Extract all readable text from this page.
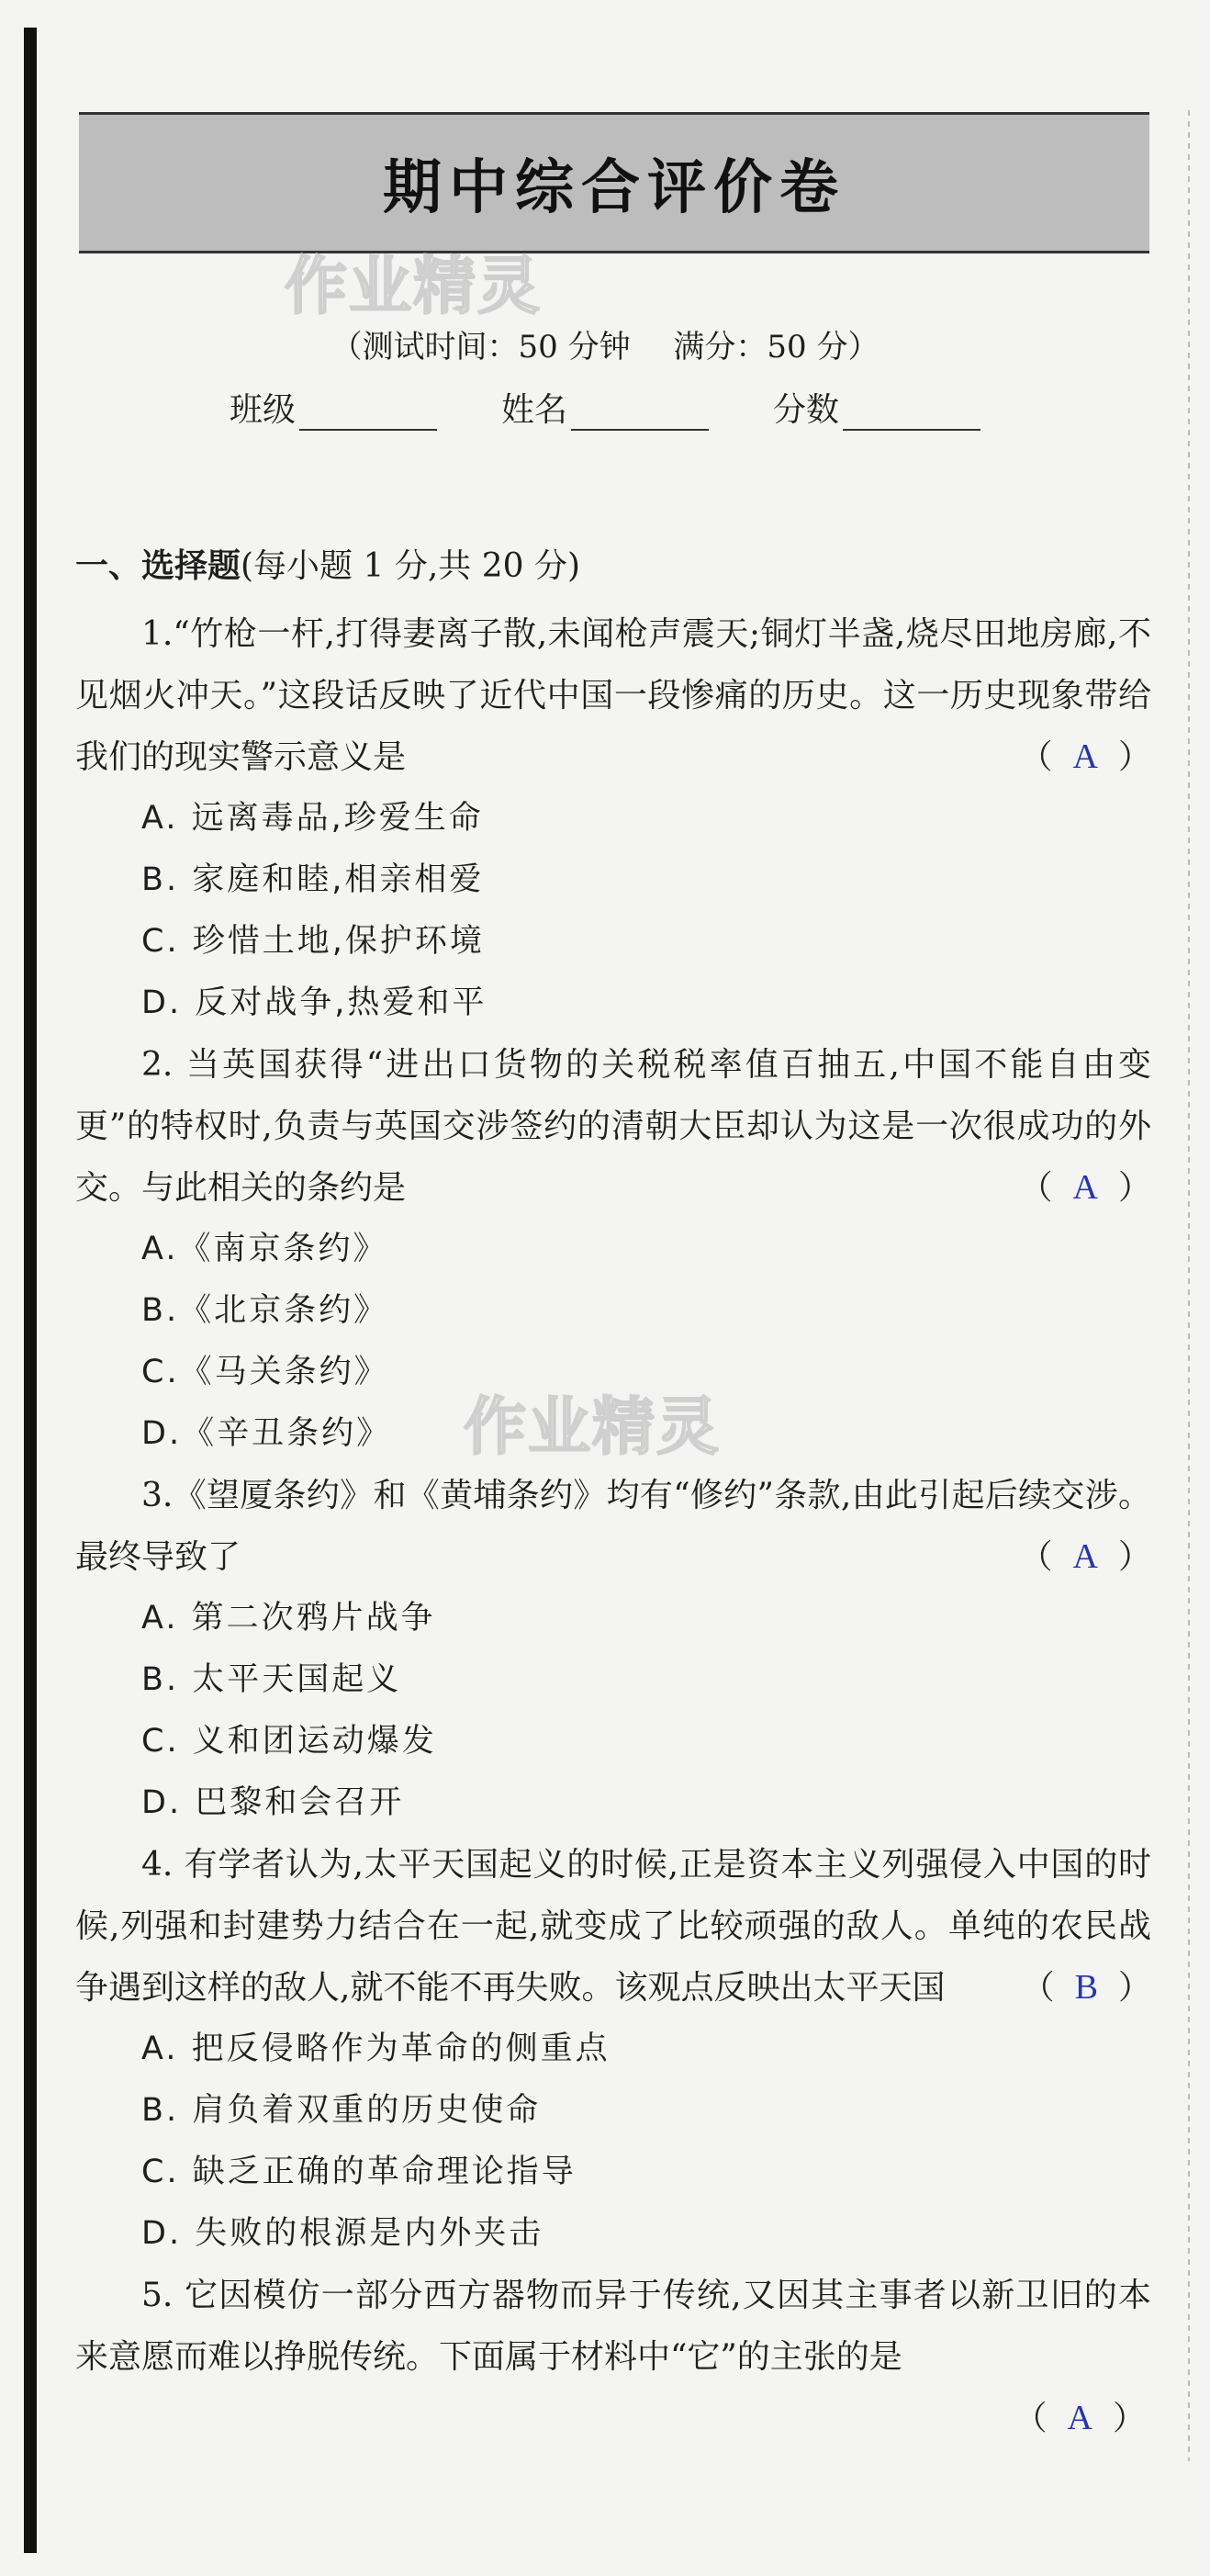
期中综合评价卷
作业精灵
作业精灵
（测试时间：50 分钟 满分：50 分）
班级	姓名	分数
一、选择题(每小题 1 分,共 20 分)
1.“竹枪一杆,打得妻离子散,未闻枪声震天;铜灯半盏,烧尽田地房廊,不见烟火冲天。”这段话反映了近代中国一段惨痛的历史。这一历史现象带给我们的现实警示意义是	（ A ）
A. 远离毒品,珍爱生命
B. 家庭和睦,相亲相爱
C. 珍惜土地,保护环境
D. 反对战争,热爱和平
2. 当英国获得“进出口货物的关税税率值百抽五,中国不能自由变更”的特权时,负责与英国交涉签约的清朝大臣却认为这是一次很成功的外交。与此相关的条约是	（ A ）
A.《南京条约》
B.《北京条约》
C.《马关条约》
D.《辛丑条约》
3.《望厦条约》和《黄埔条约》均有“修约”条款,由此引起后续交涉。最终导致了	（ A ）
A. 第二次鸦片战争
B. 太平天国起义
C. 义和团运动爆发
D. 巴黎和会召开
4. 有学者认为,太平天国起义的时候,正是资本主义列强侵入中国的时候,列强和封建势力结合在一起,就变成了比较顽强的敌人。单纯的农民战争遇到这样的敌人,就不能不再失败。该观点反映出太平天国 （ B ）
A. 把反侵略作为革命的侧重点
B. 肩负着双重的历史使命
C. 缺乏正确的革命理论指导
D. 失败的根源是内外夹击
5. 它因模仿一部分西方器物而异于传统,又因其主事者以新卫旧的本来意愿而难以挣脱传统。下面属于材料中“它”的主张的是
（ A ）
